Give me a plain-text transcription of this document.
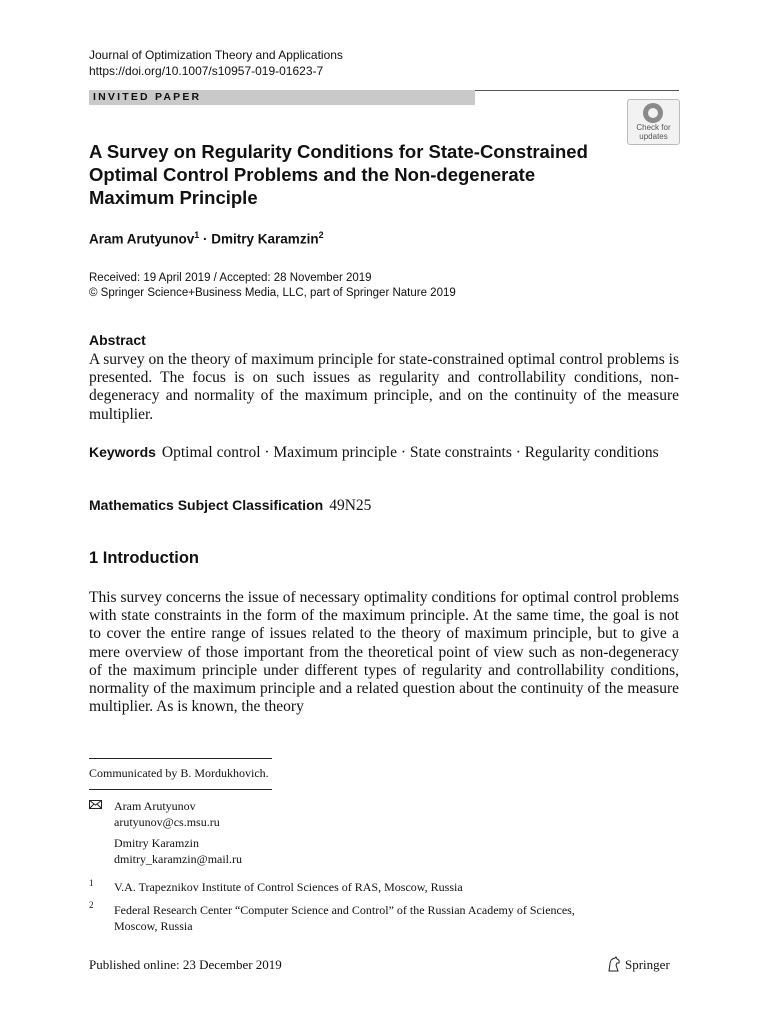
Journal of Optimization Theory and Applications
https://doi.org/10.1007/s10957-019-01623-7
INVITED PAPER
Check for
updates
A Survey on Regularity Conditions for State-Constrained
Optimal Control Problems and the Non-degenerate
Maximum Principle
Aram Arutyunov$^1$ · Dmitry Karamzin$^2$
Received: 19 April 2019 / Accepted: 28 November 2019
© Springer Science+Business Media, LLC, part of Springer Nature 2019
Abstract
A survey on the theory of maximum principle for state-constrained optimal control problems is presented. The focus is on such issues as regularity and controllability conditions, non-degeneracy and normality of the maximum principle, and on the continuity of the measure multiplier.
Keywords Optimal control · Maximum principle · State constraints · Regularity conditions
Mathematics Subject Classification 49N25
1 Introduction
This survey concerns the issue of necessary optimality conditions for optimal control problems with state constraints in the form of the maximum principle. At the same time, the goal is not to cover the entire range of issues related to the theory of maximum principle, but to give a mere overview of those important from the theoretical point of view such as non-degeneracy of the maximum principle under different types of regularity and controllability conditions, normality of the maximum principle and a related question about the continuity of the measure multiplier. As is known, the theory
Communicated by B. Mordukhovich.
Aram Arutyunov
arutyunov@cs.msu.ru
Dmitry Karamzin
dmitry_karamzin@mail.ru
1 V.A. Trapeznikov Institute of Control Sciences of RAS, Moscow, Russia
2 Federal Research Center “Computer Science and Control” of the Russian Academy of Sciences,
Moscow, Russia
Published online: 23 December 2019	Springer
